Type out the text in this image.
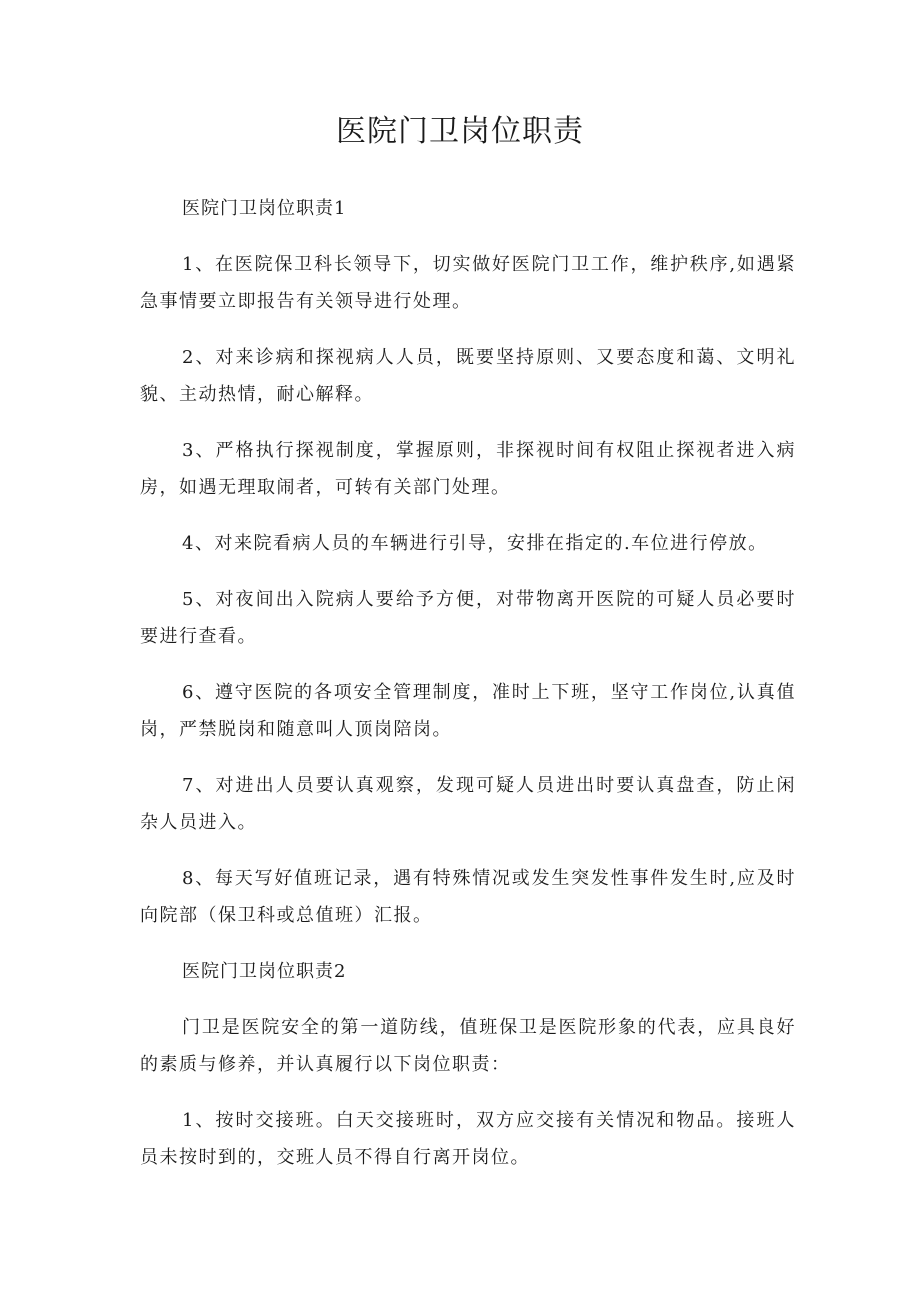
医院门卫岗位职责

医院门卫岗位职责1

1、在医院保卫科长领导下，切实做好医院门卫工作，维护秩序,如遇紧急事情要立即报告有关领导进行处理。

2、对来诊病和探视病人人员，既要坚持原则、又要态度和蔼、文明礼貌、主动热情，耐心解释。

3、严格执行探视制度，掌握原则，非探视时间有权阻止探视者进入病房，如遇无理取闹者，可转有关部门处理。

4、对来院看病人员的车辆进行引导，安排在指定的.车位进行停放。

5、对夜间出入院病人要给予方便，对带物离开医院的可疑人员必要时要进行查看。

6、遵守医院的各项安全管理制度，准时上下班，坚守工作岗位,认真值岗，严禁脱岗和随意叫人顶岗陪岗。

7、对进出人员要认真观察，发现可疑人员进出时要认真盘查，防止闲杂人员进入。

8、每天写好值班记录，遇有特殊情况或发生突发性事件发生时,应及时向院部（保卫科或总值班）汇报。

医院门卫岗位职责2

门卫是医院安全的第一道防线，值班保卫是医院形象的代表，应具良好的素质与修养，并认真履行以下岗位职责：

1、按时交接班。白天交接班时，双方应交接有关情况和物品。接班人员未按时到的，交班人员不得自行离开岗位。
